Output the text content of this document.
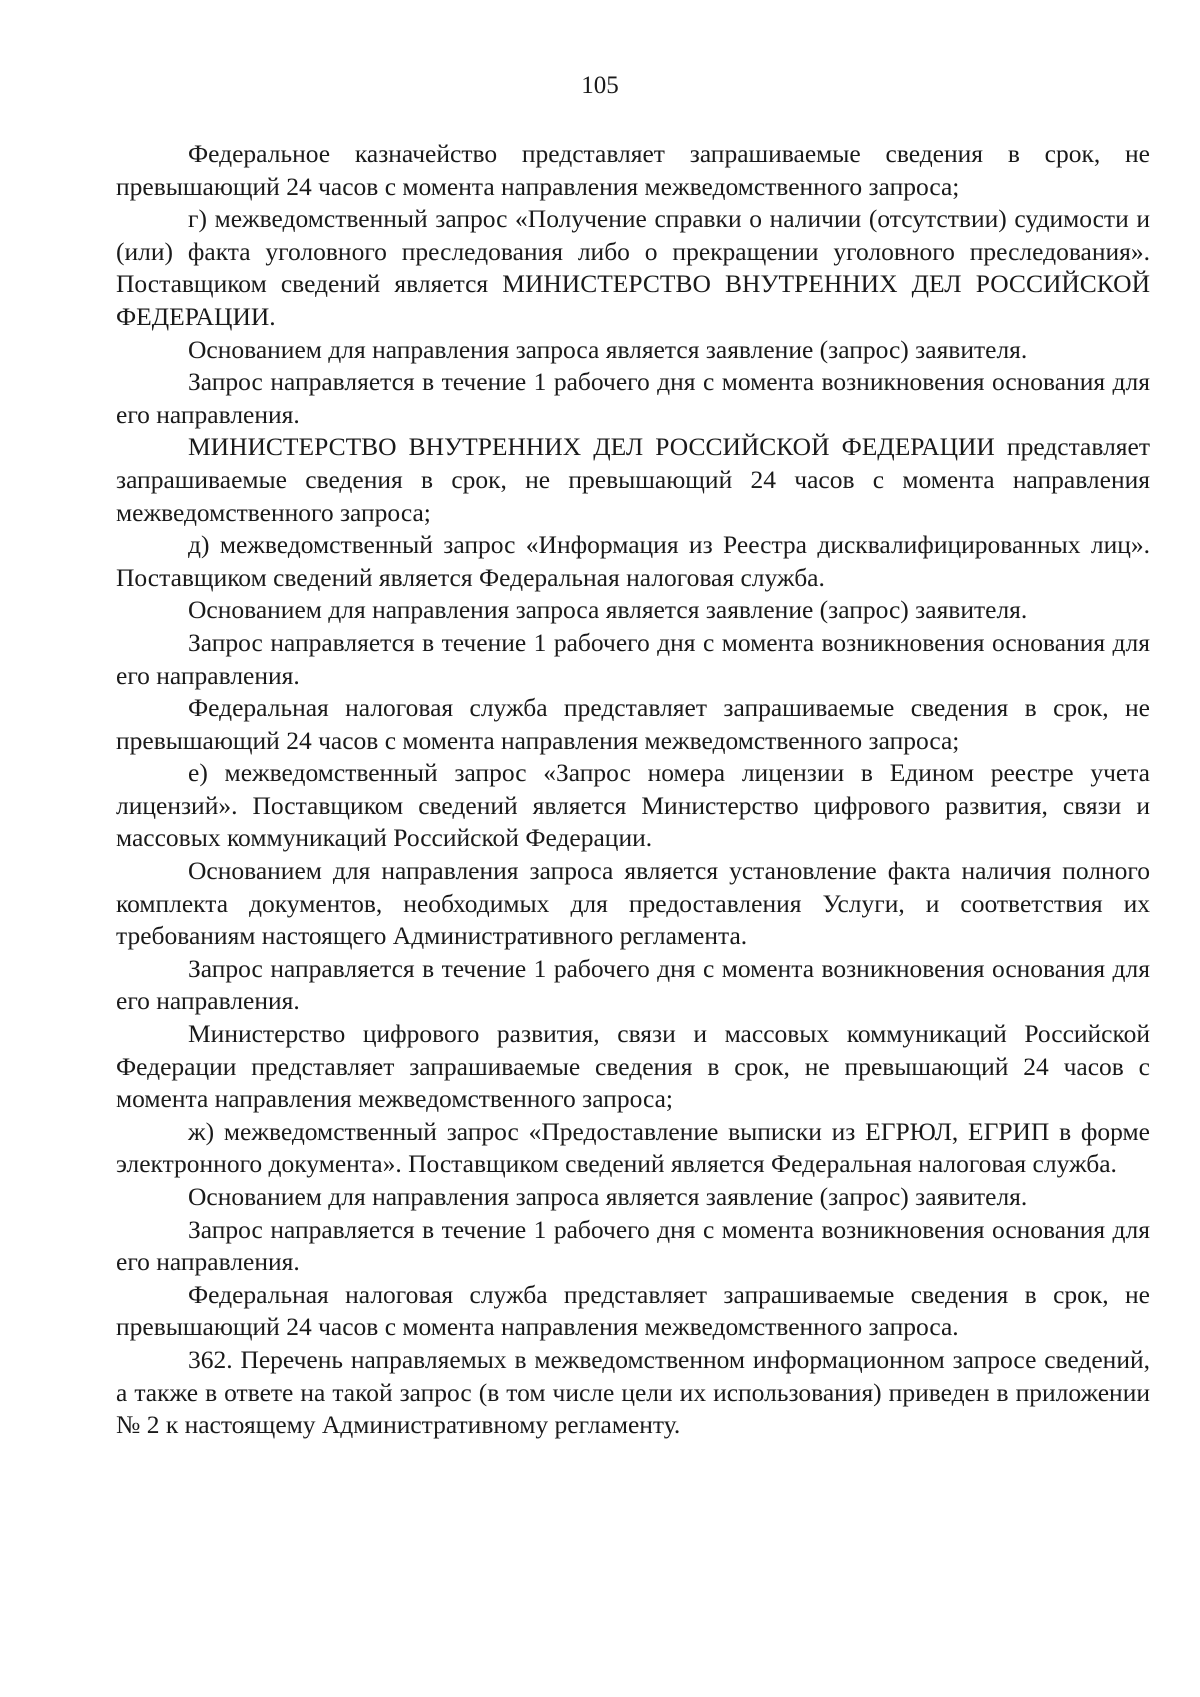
105

Федеральное казначейство представляет запрашиваемые сведения в срок, не превышающий 24 часов с момента направления межведомственного запроса;

г) межведомственный запрос «Получение справки о наличии (отсутствии) судимости и (или) факта уголовного преследования либо о прекращении уголовного преследования». Поставщиком сведений является МИНИСТЕРСТВО ВНУТРЕННИХ ДЕЛ РОССИЙСКОЙ ФЕДЕРАЦИИ.

Основанием для направления запроса является заявление (запрос) заявителя.

Запрос направляется в течение 1 рабочего дня с момента возникновения основания для его направления.

МИНИСТЕРСТВО ВНУТРЕННИХ ДЕЛ РОССИЙСКОЙ ФЕДЕРАЦИИ представляет запрашиваемые сведения в срок, не превышающий 24 часов с момента направления межведомственного запроса;

д) межведомственный запрос «Информация из Реестра дисквалифицированных лиц». Поставщиком сведений является Федеральная налоговая служба.

Основанием для направления запроса является заявление (запрос) заявителя.

Запрос направляется в течение 1 рабочего дня с момента возникновения основания для его направления.

Федеральная налоговая служба представляет запрашиваемые сведения в срок, не превышающий 24 часов с момента направления межведомственного запроса;

е) межведомственный запрос «Запрос номера лицензии в Едином реестре учета лицензий». Поставщиком сведений является Министерство цифрового развития, связи и массовых коммуникаций Российской Федерации.

Основанием для направления запроса является установление факта наличия полного комплекта документов, необходимых для предоставления Услуги, и соответствия их требованиям настоящего Административного регламента.

Запрос направляется в течение 1 рабочего дня с момента возникновения основания для его направления.

Министерство цифрового развития, связи и массовых коммуникаций Российской Федерации представляет запрашиваемые сведения в срок, не превышающий 24 часов с момента направления межведомственного запроса;

ж) межведомственный запрос «Предоставление выписки из ЕГРЮЛ, ЕГРИП в форме электронного документа». Поставщиком сведений является Федеральная налоговая служба.

Основанием для направления запроса является заявление (запрос) заявителя.

Запрос направляется в течение 1 рабочего дня с момента возникновения основания для его направления.

Федеральная налоговая служба представляет запрашиваемые сведения в срок, не превышающий 24 часов с момента направления межведомственного запроса.

362. Перечень направляемых в межведомственном информационном запросе сведений, а также в ответе на такой запрос (в том числе цели их использования) приведен в приложении № 2 к настоящему Административному регламенту.
